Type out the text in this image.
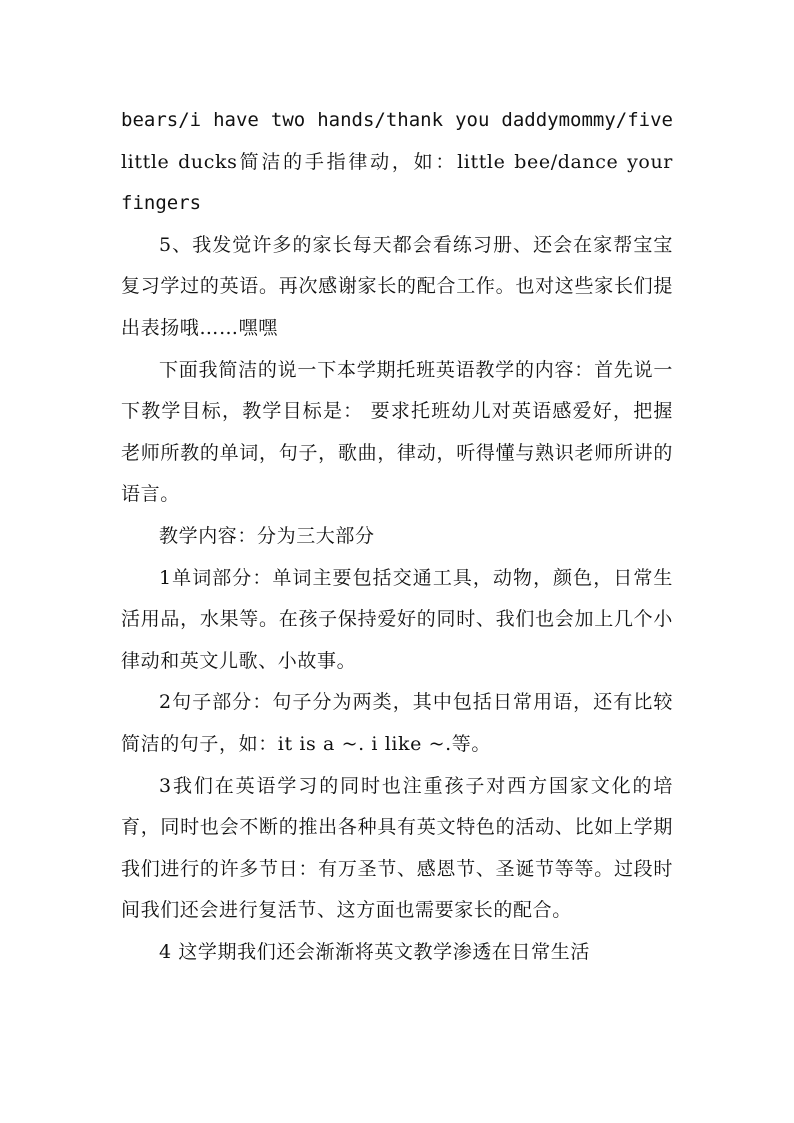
bears/i have two hands/thank you daddymommy/five
little ducks简洁的手指律动，如：little bee/dance your
fingers

5、我发觉许多的家长每天都会看练习册、还会在家帮宝宝复习学过的英语。再次感谢家长的配合工作。也对这些家长们提出表扬哦……嘿嘿

下面我简洁的说一下本学期托班英语教学的内容：首先说一下教学目标，教学目标是： 要求托班幼儿对英语感爱好，把握老师所教的单词，句子，歌曲，律动，听得懂与熟识老师所讲的语言。

教学内容：分为三大部分

1单词部分：单词主要包括交通工具，动物，颜色，日常生活用品，水果等。在孩子保持爱好的同时、我们也会加上几个小律动和英文儿歌、小故事。

2句子部分：句子分为两类，其中包括日常用语，还有比较简洁的句子，如：it is a ~. i like ~.等。

3我们在英语学习的同时也注重孩子对西方国家文化的培育，同时也会不断的推出各种具有英文特色的活动、比如上学期我们进行的许多节日：有万圣节、感恩节、圣诞节等等。过段时间我们还会进行复活节、这方面也需要家长的配合。

4 这学期我们还会渐渐将英文教学渗透在日常生活
